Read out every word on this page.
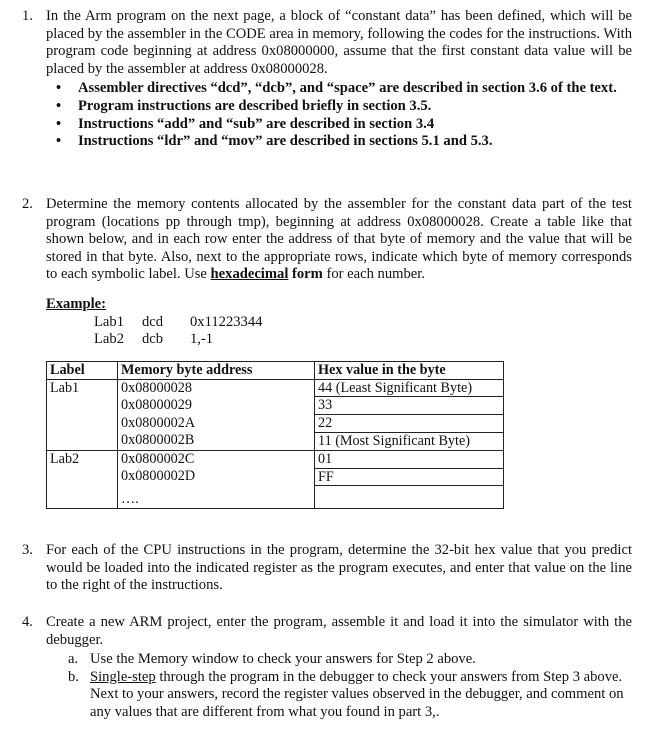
1. In the Arm program on the next page, a block of “constant data” has been defined, which will be placed by the assembler in the CODE area in memory, following the codes for the instructions. With program code beginning at address 0x08000000, assume that the first constant data value will be placed by the assembler at address 0x08000028.
• Assembler directives “dcd”, “dcb”, and “space” are described in section 3.6 of the text.
• Program instructions are described briefly in section 3.5.
• Instructions “add” and “sub” are described in section 3.4
• Instructions “ldr” and “mov” are described in sections 5.1 and 5.3.
2. Determine the memory contents allocated by the assembler for the constant data part of the test program (locations pp through tmp), beginning at address 0x08000028. Create a table like that shown below, and in each row enter the address of that byte of memory and the value that will be stored in that byte. Also, next to the appropriate rows, indicate which byte of memory corresponds to each symbolic label. Use hexadecimal form for each number.
Example:
Lab1	dcd	0x11223344
Lab2	dcb	1,-1
Label	Memory byte address	Hex value in the byte
Lab1	0x08000028	44 (Least Significant Byte)
	0x08000029	33
	0x0800002A	22
	0x0800002B	11 (Most Significant Byte)
Lab2	0x0800002C	01
	0x0800002D	FF
	….	
3. For each of the CPU instructions in the program, determine the 32-bit hex value that you predict would be loaded into the indicated register as the program executes, and enter that value on the line to the right of the instructions.
4. Create a new ARM project, enter the program, assemble it and load it into the simulator with the debugger.
a. Use the Memory window to check your answers for Step 2 above.
b. Single-step through the program in the debugger to check your answers from Step 3 above. Next to your answers, record the register values observed in the debugger, and comment on any values that are different from what you found in part 3,.
